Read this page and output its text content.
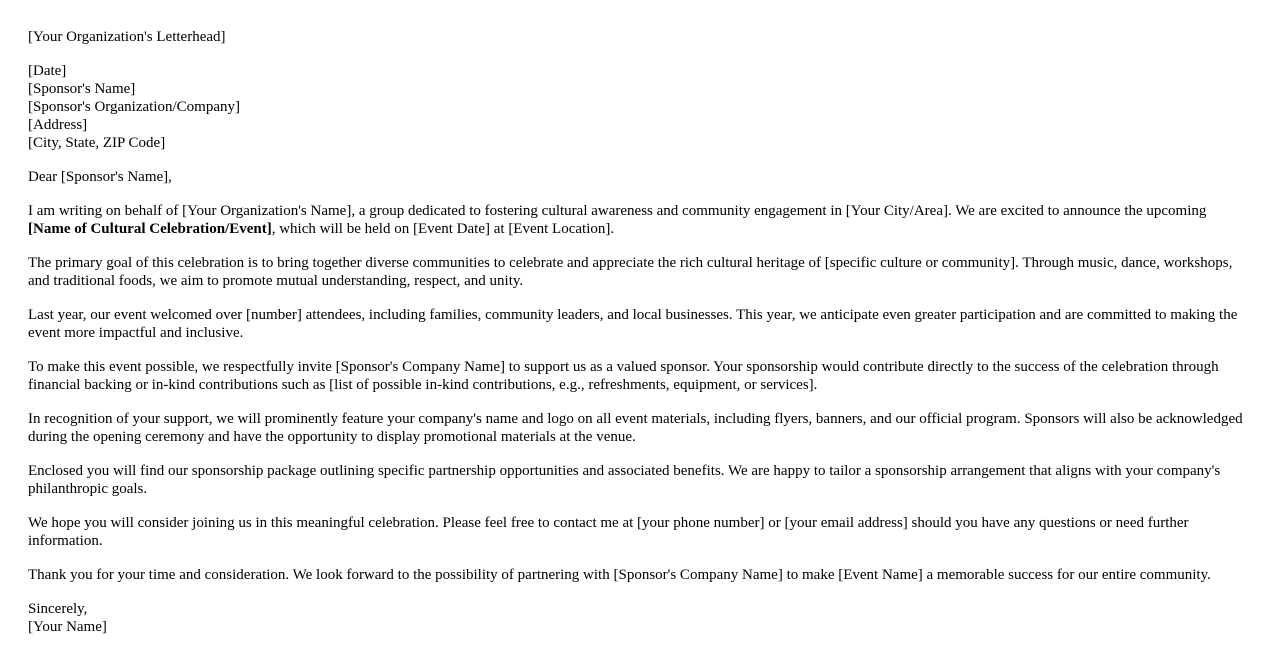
[Your Organization's Letterhead]

[Date]
[Sponsor's Name]
[Sponsor's Organization/Company]
[Address]
[City, State, ZIP Code]

Dear [Sponsor's Name],

I am writing on behalf of [Your Organization's Name], a group dedicated to fostering cultural awareness and community engagement in [Your City/Area]. We are excited to announce the upcoming [Name of Cultural Celebration/Event], which will be held on [Event Date] at [Event Location].

The primary goal of this celebration is to bring together diverse communities to celebrate and appreciate the rich cultural heritage of [specific culture or community]. Through music, dance, workshops, and traditional foods, we aim to promote mutual understanding, respect, and unity.

Last year, our event welcomed over [number] attendees, including families, community leaders, and local businesses. This year, we anticipate even greater participation and are committed to making the event more impactful and inclusive.

To make this event possible, we respectfully invite [Sponsor's Company Name] to support us as a valued sponsor. Your sponsorship would contribute directly to the success of the celebration through financial backing or in-kind contributions such as [list of possible in-kind contributions, e.g., refreshments, equipment, or services].

In recognition of your support, we will prominently feature your company's name and logo on all event materials, including flyers, banners, and our official program. Sponsors will also be acknowledged during the opening ceremony and have the opportunity to display promotional materials at the venue.

Enclosed you will find our sponsorship package outlining specific partnership opportunities and associated benefits. We are happy to tailor a sponsorship arrangement that aligns with your company's philanthropic goals.

We hope you will consider joining us in this meaningful celebration. Please feel free to contact me at [your phone number] or [your email address] should you have any questions or need further information.

Thank you for your time and consideration. We look forward to the possibility of partnering with [Sponsor's Company Name] to make [Event Name] a memorable success for our entire community.

Sincerely,
[Your Name]
